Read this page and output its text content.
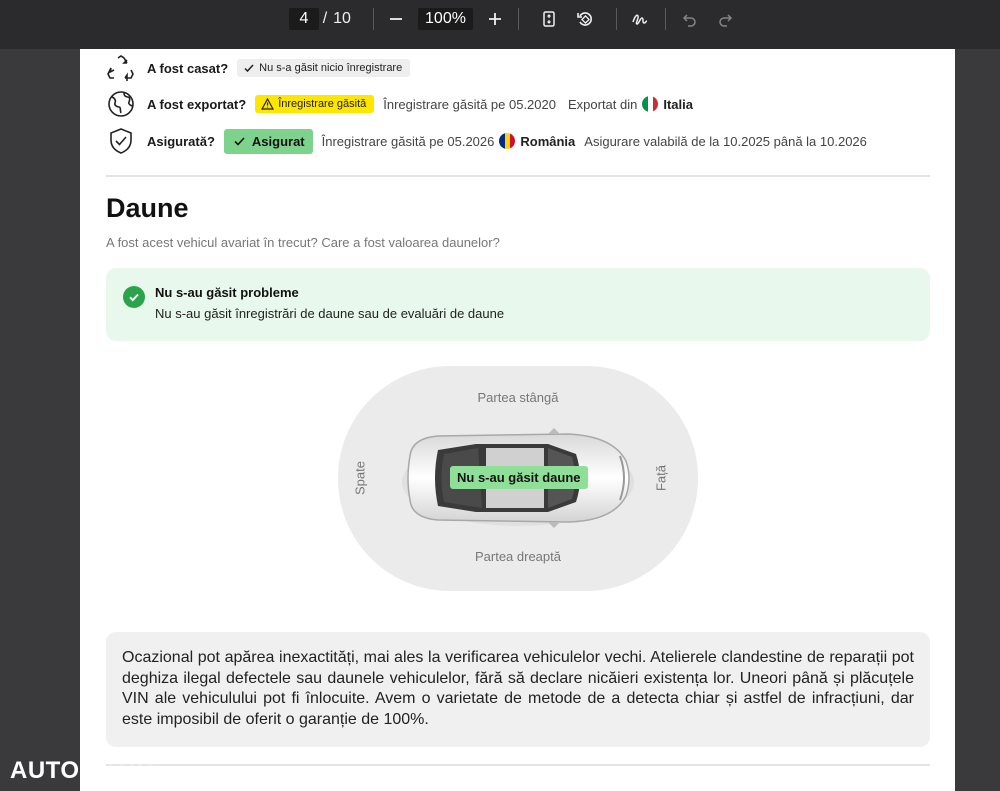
4 / 10	100%
A fost casat?	Nu s-a găsit nicio înregistrare
A fost exportat?	Înregistrare găsită Înregistrare găsită pe 05.2020 Exportat din Italia
Asigurată?	Asigurat Înregistrare găsită pe 05.2026 România Asigurare valabilă de la 10.2025 până la 10.2026
Daune
A fost acest vehicul avariat în trecut? Care a fost valoarea daunelor?
Nu s-au găsit probleme
Nu s-au găsit înregistrări de daune sau de evaluări de daune
Partea stângă
Partea dreaptă
Spate	Față
Nu s-au găsit daune
Ocazional pot apărea inexactități, mai ales la verificarea vehiculelor vechi. Atelierele clandestine de reparații pot deghiza ilegal defectele sau daunele vehiculelor, fără să declare nicăieri existența lor. Uneori până și plăcuțele VIN ale vehiculului pot fi înlocuite. Avem o varietate de metode de a detecta chiar și astfel de infracțiuni, dar este imposibil de oferit o garanție de 100%.
AUTOVITRO
